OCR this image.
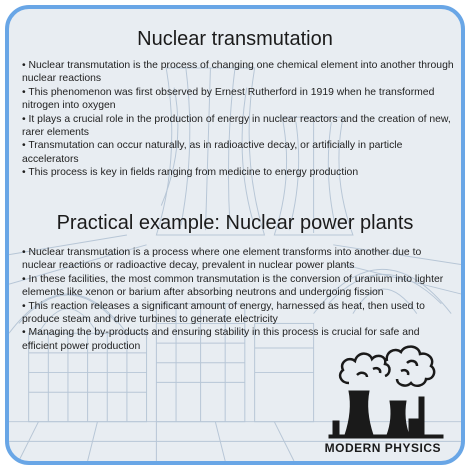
Nuclear transmutation
• Nuclear transmutation is the process of changing one chemical element into another through nuclear reactions
• This phenomenon was first observed by Ernest Rutherford in 1919 when he transformed nitrogen into oxygen
• It plays a crucial role in the production of energy in nuclear reactors and the creation of new, rarer elements
• Transmutation can occur naturally, as in radioactive decay, or artificially in particle accelerators
• This process is key in fields ranging from medicine to energy production
Practical example: Nuclear power plants
• Nuclear transmutation is a process where one element transforms into another due to nuclear reactions or radioactive decay, prevalent in nuclear power plants
• In these facilities, the most common transmutation is the conversion of uranium into lighter elements like xenon or barium after absorbing neutrons and undergoing fission
• This reaction releases a significant amount of energy, harnessed as heat, then used to produce steam and drive turbines to generate electricity
• Managing the by-products and ensuring stability in this process is crucial for safe and efficient power production
MODERN PHYSICS
